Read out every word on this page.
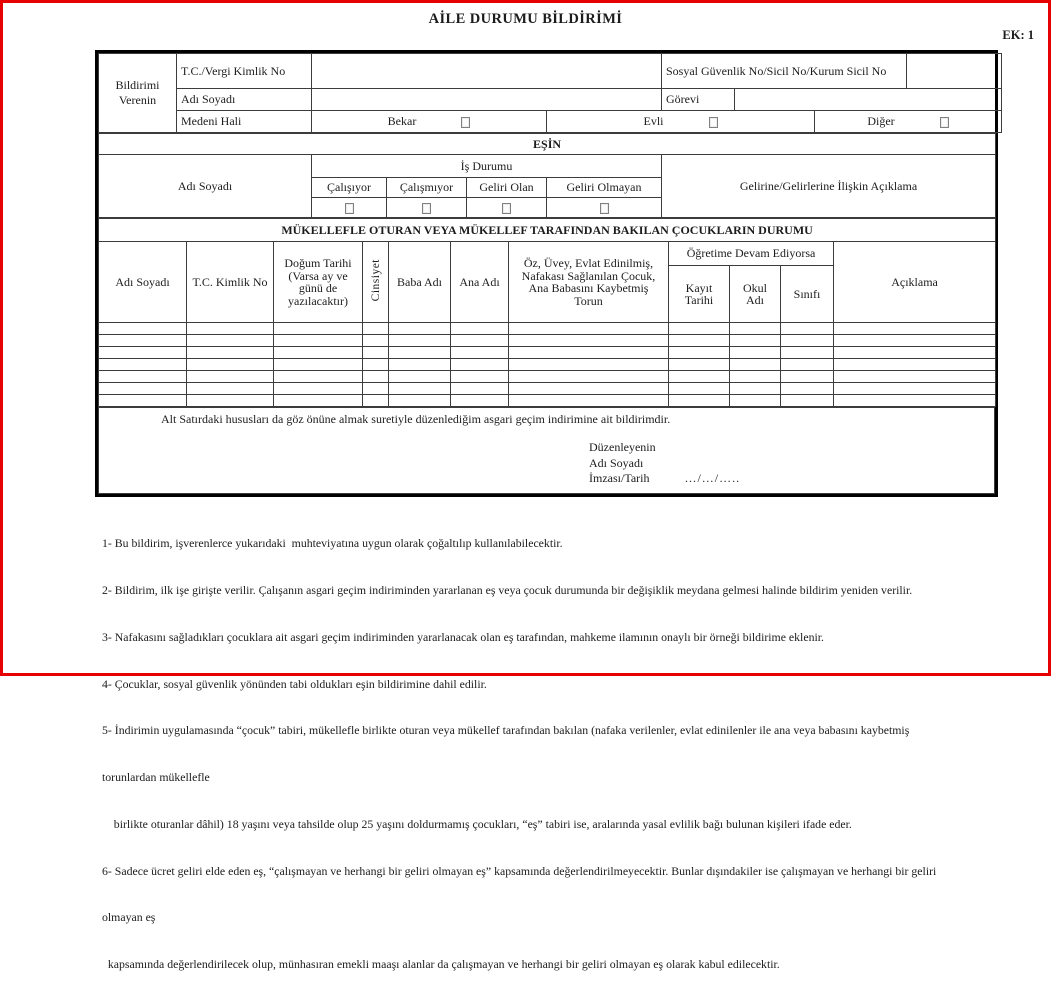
AİLE DURUMU BİLDİRİMİ
EK: 1
Bildirimi Verenin	T.C./Vergi Kimlik No			Sosyal Güvenlik No/Sicil No/Kurum Sicil No			
	Adı Soyadı			Görevi			
	Medeni Hali	Bekar	Evli			Diğer	
EŞİN					
Adı Soyadı	İş Durumu				Gelirine/Gelirlerine İlişkin Açıklama
	Çalışıyor	Çalışmıyor	Geliri Olan	Geliri Olmayan	

MÜKELLEFLE OTURAN VEYA MÜKELLEF TARAFINDAN BAKILAN ÇOCUKLARIN DURUMU										
Adı Soyadı	T.C. Kimlik No	Doğum Tarihi (Varsa ay ve günü de yazılacaktır)	Cinsiyet	Baba Adı	Ana Adı	Öz, Üvey, Evlat Edinilmiş, Nafakası Sağlanılan Çocuk, Ana Babasını Kaybetmiş Torun	Öğretime Devam Ediyorsa			Açıklama
							Kayıt Tarihi	Okul Adı	Sınıfı	

Alt Satırdaki hususları da göz önüne almak suretiyle düzenlediğim asgari geçim indirimine ait bildirimdir.
Düzenleyenin
Adı Soyadı
İmzası/Tarih	…/…/…..

1- Bu bildirim, işverenlerce yukarıdaki  muhteviyatına uygun olarak çoğaltılıp kullanılabilecektir.

2- Bildirim, ilk işe girişte verilir. Çalışanın asgari geçim indiriminden yararlanan eş veya çocuk durumunda bir değişiklik meydana gelmesi halinde bildirim yeniden verilir.

3- Nafakasını sağladıkları çocuklara ait asgari geçim indiriminden yararlanacak olan eş tarafından, mahkeme ilamının onaylı bir örneği bildirime eklenir.

4- Çocuklar, sosyal güvenlik yönünden tabi oldukları eşin bildirimine dahil edilir.

5- İndirimin uygulamasında “çocuk” tabiri, mükellefle birlikte oturan veya mükellef tarafından bakılan (nafaka verilenler, evlat edinilenler ile ana veya babasını kaybetmiş

torunlardan mükellefle

birlikte oturanlar dâhil) 18 yaşını veya tahsilde olup 25 yaşını doldurmamış çocukları, “eş” tabiri ise, aralarında yasal evlilik bağı bulunan kişileri ifade eder.

6- Sadece ücret geliri elde eden eş, “çalışmayan ve herhangi bir geliri olmayan eş” kapsamında değerlendirilmeyecektir. Bunlar dışındakiler ise çalışmayan ve herhangi bir geliri

olmayan eş

kapsamında değerlendirilecek olup, münhasıran emekli maaşı alanlar da çalışmayan ve herhangi bir geliri olmayan eş olarak kabul edilecektir.
